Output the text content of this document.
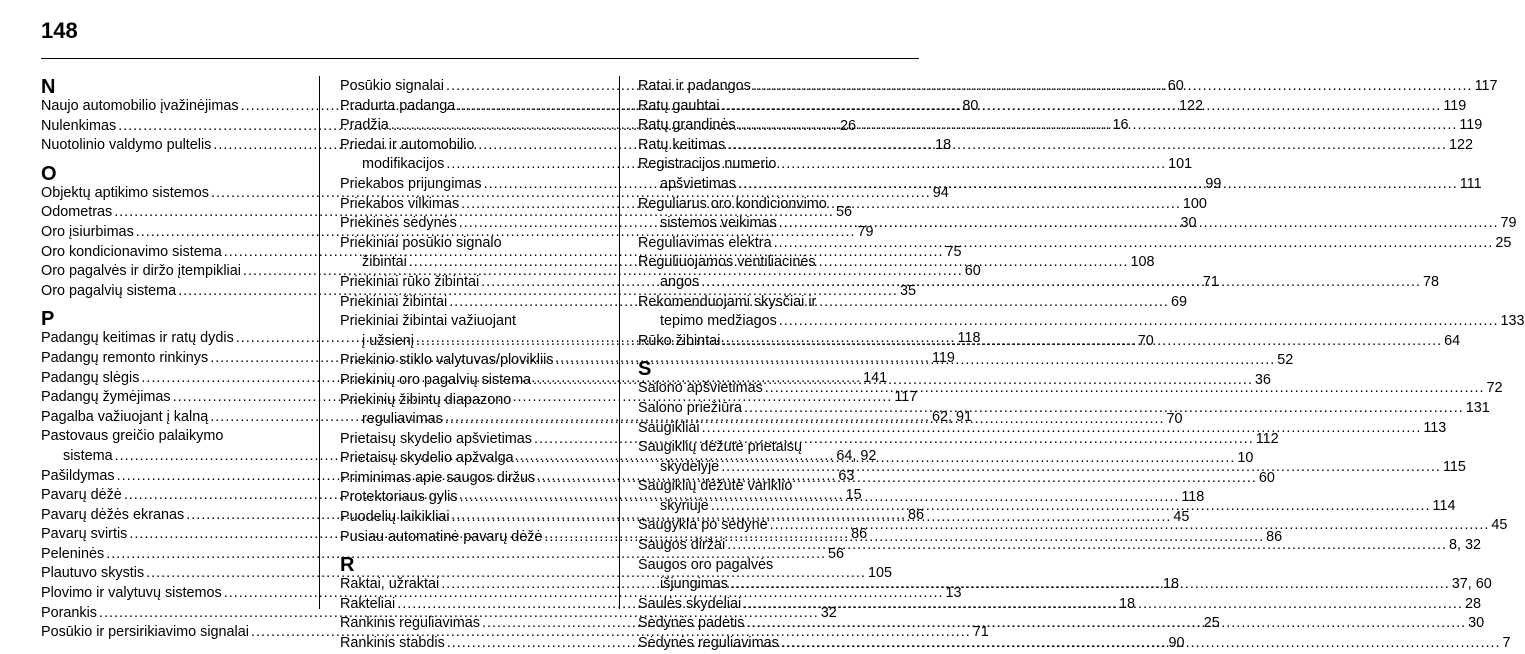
148
N
Naujo automobilio įvažinėjimas .....	80
Nulenkimas .....	26
Nuotolinio valdymo pultelis .....	18
O
Objektų aptikimo sistemos .....	94
Odometras .....	56
Oro įsiurbimas .....	79
Oro kondicionavimo sistema .....	75
Oro pagalvės ir diržo įtempikliai .....	60
Oro pagalvių sistema .....	35
P
Padangų keitimas ir ratų dydis .....	118
Padangų remonto rinkinys .....	119
Padangų slėgis .....	141
Padangų žymėjimas .....	117
Pagalba važiuojant į kalną .....	62, 91
Pastovaus greičio palaikymo
sistema .....	64, 92
Pašildymas .....	63
Pavarų dėžė .....	15
Pavarų dėžės ekranas .....	86
Pavarų svirtis .....	86
Peleninės .....	56
Plautuvo skystis .....	105
Plovimo ir valytuvų sistemos .....	13
Porankis .....	32
Posūkio ir persirikiavimo signalai .....	71
Posūkio signalai .....	60
Pradurta padanga .....	122
Pradžia .....	16
Priedai ir automobilio
modifikacijos .....	101
Priekabos prijungimas .....	99
Priekabos vilkimas .....	100
Priekinės sėdynės .....	30
Priekiniai posūkio signalo
žibintai .....	108
Priekiniai rūko žibintai .....	71
Priekiniai žibintai .....	69
Priekiniai žibintai važiuojant
į užsienį .....	70
Priekinio stiklo valytuvas/plovikliis .....	52
Priekinių oro pagalvių sistema .....	36
Priekinių žibintų diapazono
reguliavimas .....	70
Prietaisų skydelio apšvietimas .....	112
Prietaisų skydelio apžvalga .....	10
Priminimas apie saugos diržus .....	60
Protektoriaus gylis .....	118
Puodelių laikikliai .....	45
Pusiau automatinė pavarų dėžė .....	86
R
Raktai, užraktai .....	18
Rakteliai .....	18
Rankinis reguliavimas .....	25
Rankinis stabdis .....	90
Ratai ir padangos .....	117
Ratų gaubtai .....	119
Ratų grandinės .....	119
Ratų keitimas .....	122
Registracijos numerio
apšvietimas .....	111
Reguliarus oro kondicionvimo
sistemos veikimas .....	79
Reguliavimas elektra .....	25
Reguliuojamos ventiliacinės
angos .....	78
Rekomenduojami skysčiai ir
tepimo medžiagos .....	133
Rūko žibintai .....	64
S
Salono apšvietimas .....	72
Salono priežiūra .....	131
Saugikliai .....	113
Saugiklių dėžutė prietaisų
skydelyje .....	115
Saugiklių dėžutė variklio
skyriuje .....	114
Saugykla po sėdyne .....	45
Saugos diržai .....	8, 32
Saugos oro pagalvės
išjungimas .....	37, 60
Saulės skydeliai .....	28
Sėdynės padėtis .....	30
Sėdynės reguliavimas .....	7
